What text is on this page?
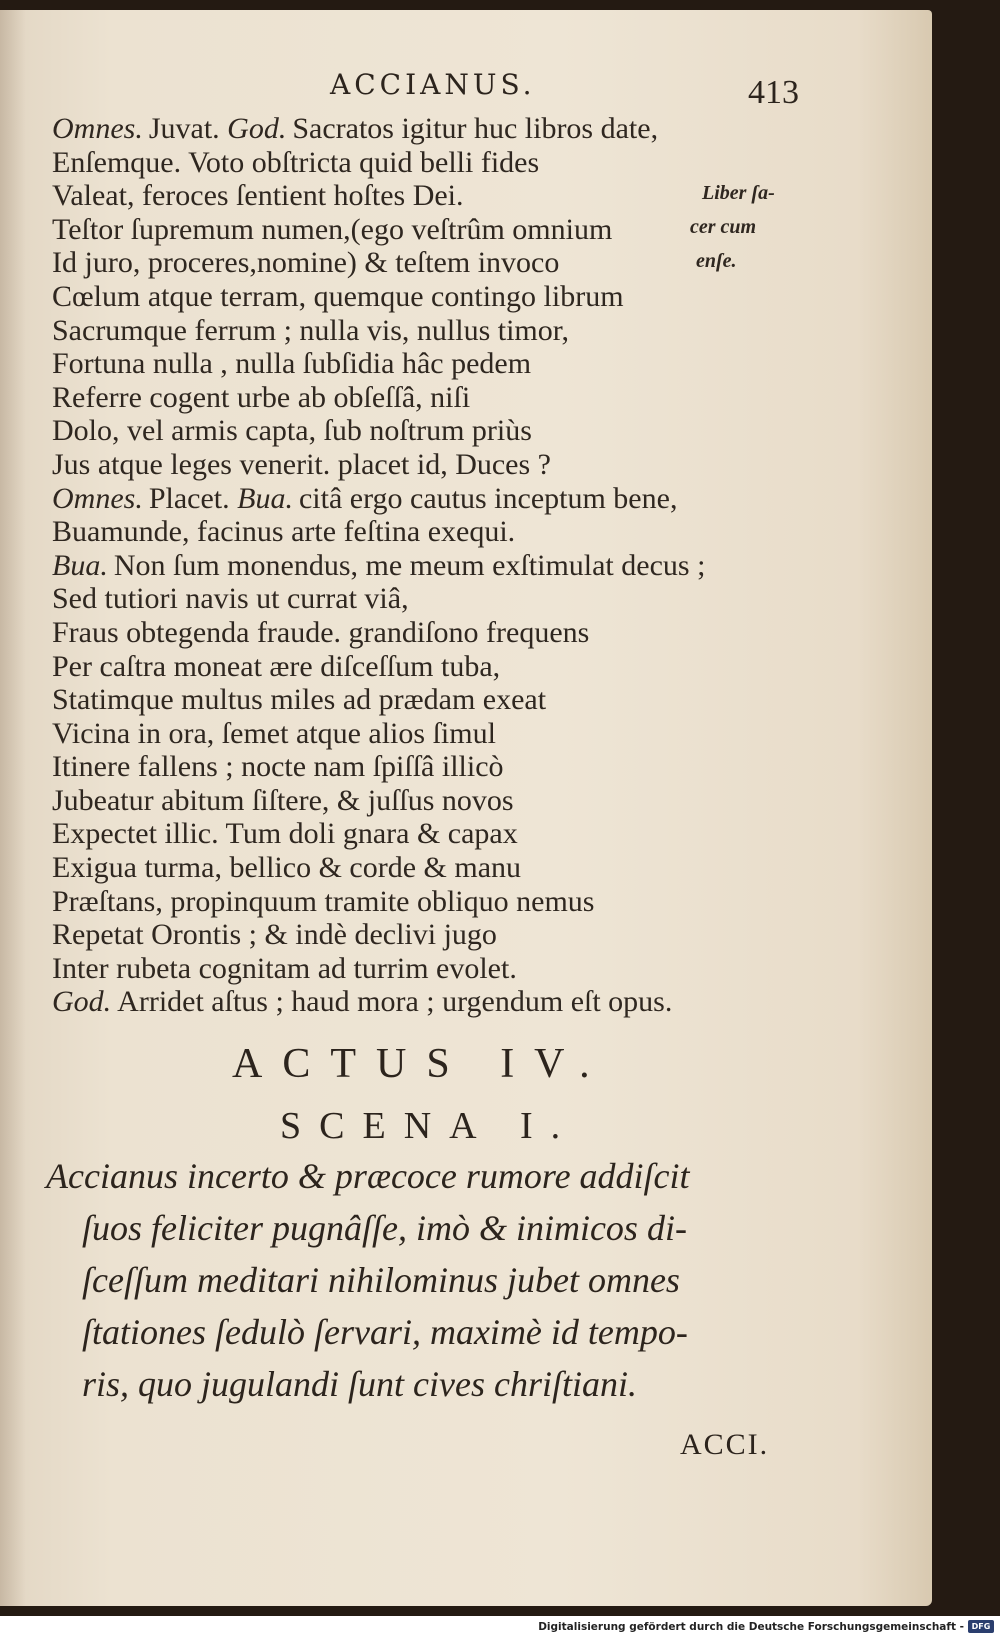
ACCIANUS.	413
Omnes. Juvat. God. Sacratos igitur huc libros date,
Enſemque. Voto obſtricta quid belli fides
Valeat, feroces ſentient hoſtes Dei.
Teſtor ſupremum numen,(ego veſtrûm omnium
Id juro, proceres,nomine) & teſtem invoco
Cœlum atque terram, quemque contingo librum
Sacrumque ferrum ; nulla vis, nullus timor,
Fortuna nulla , nulla ſubſidia hâc pedem
Referre cogent urbe ab obſeſſâ, niſi
Dolo, vel armis capta, ſub noſtrum priùs
Jus atque leges venerit. placet id, Duces ?
Omnes. Placet. Bua. citâ ergo cautus inceptum bene,
Buamunde, facinus arte feſtina exequi.
Bua. Non ſum monendus, me meum exſtimulat decus ;
Sed tutiori navis ut currat viâ,
Fraus obtegenda fraude. grandiſono frequens
Per caſtra moneat ære diſceſſum tuba,
Statimque multus miles ad prædam exeat
Vicina in ora, ſemet atque alios ſimul
Itinere fallens ; nocte nam ſpiſſâ illicò
Jubeatur abitum ſiſtere, & juſſus novos
Expectet illic. Tum doli gnara & capax
Exigua turma, bellico & corde & manu
Præſtans, propinquum tramite obliquo nemus
Repetat Orontis ; & indè declivi jugo
Inter rubeta cognitam ad turrim evolet.
God. Arridet aſtus ; haud mora ; urgendum eſt opus.
Liber ſa-
cer cum
enſe.
ACTUS IV.
SCENA I.
Accianus incerto & præcoce rumore addiſcit
ſuos feliciter pugnâſſe, imò & inimicos di-
ſceſſum meditari nihilominus jubet omnes
ſtationes ſedulò ſervari, maximè id tempo-
ris, quo jugulandi ſunt cives chriſtiani.
ACCI.
Digitalisierung gefördert durch die Deutsche Forschungsgemeinschaft - DFG
